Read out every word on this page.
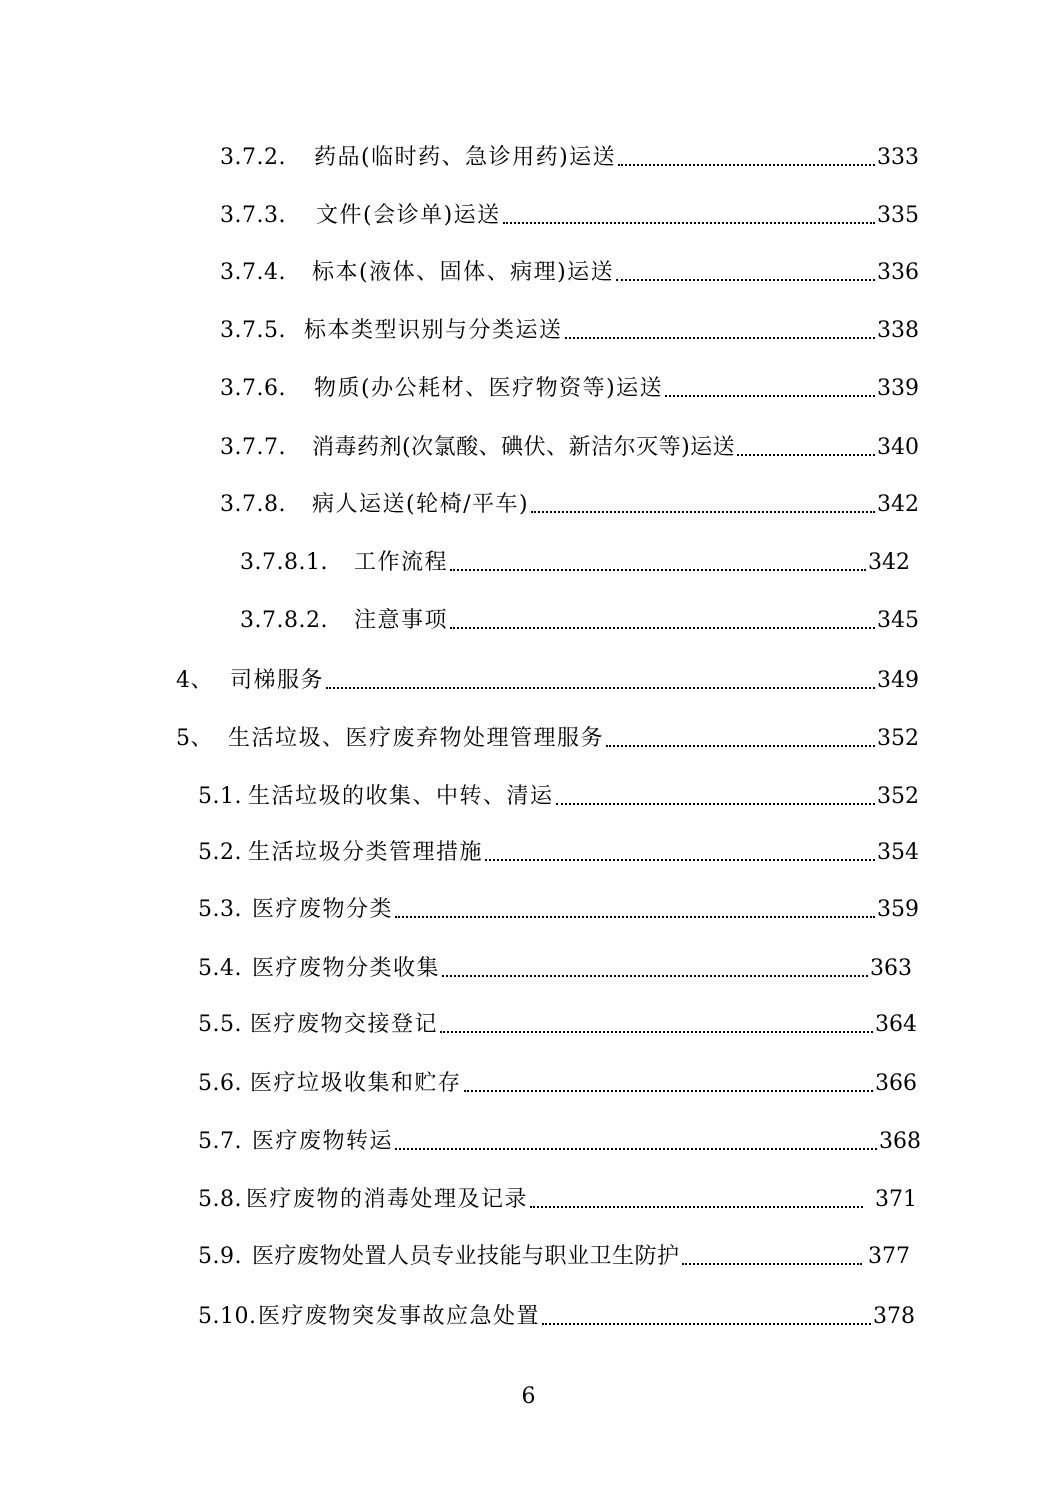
3.7.2.	药品(临时药、急诊用药)运送	333
3.7.3.	文件(会诊单)运送	335
3.7.4.	标本(液体、固体、病理)运送	336
3.7.5. 标本类型识别与分类运送	338
3.7.6.	物质(办公耗材、医疗物资等)运送	339
3.7.7.	消毒药剂(次氯酸、碘伏、新洁尔灭等)运送	340
3.7.8.	病人运送(轮椅/平车)	342
3.7.8.1.	工作流程	342
3.7.8.2.	注意事项	345
4、 司梯服务	349
5、 生活垃圾、医疗废弃物处理管理服务	352
5.1. 生活垃圾的收集、中转、清运	352
5.2. 生活垃圾分类管理措施	354
5.3. 医疗废物分类	359
5.4. 医疗废物分类收集	363
5.5. 医疗废物交接登记	364
5.6. 医疗垃圾收集和贮存	366
5.7. 医疗废物转运	368
5.8. 医疗废物的消毒处理及记录	371
5.9. 医疗废物处置人员专业技能与职业卫生防护	377
5.10. 医疗废物突发事故应急处置	378
6
